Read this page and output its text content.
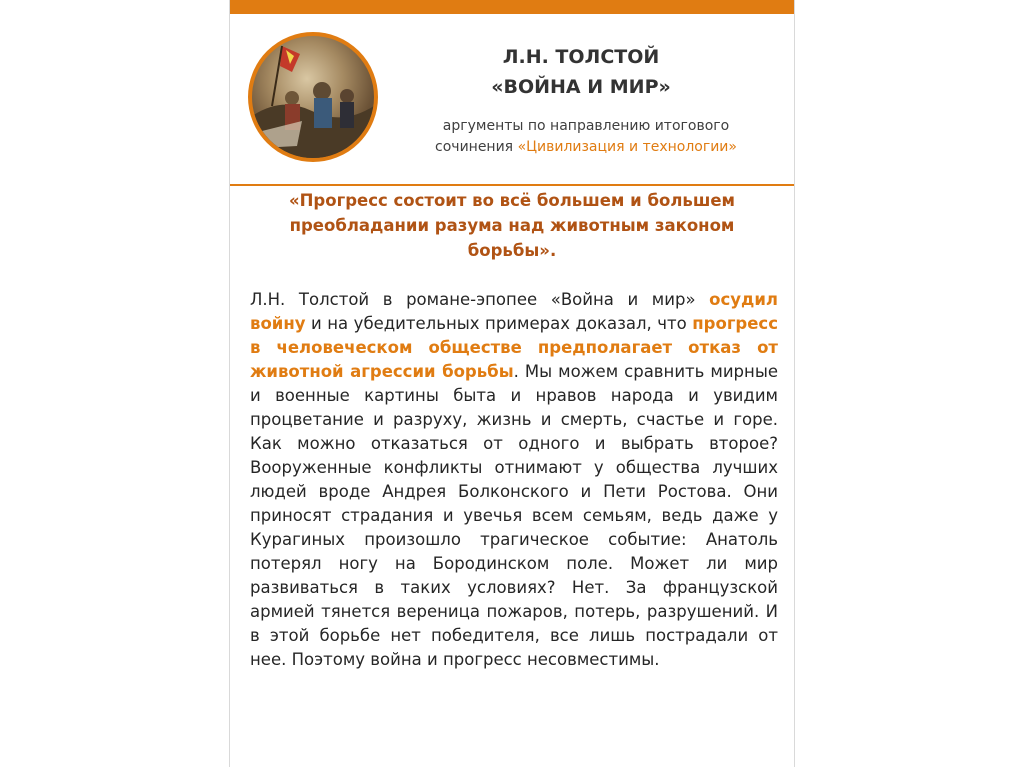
Л.Н. ТОЛСТОЙ
«ВОЙНА И МИР»
аргументы по направлению итогового
сочинения «Цивилизация и технологии»
«Прогресс состоит во всё большем и большем преобладании разума над животным законом борьбы».
Л.Н. Толстой в романе-эпопее «Война и мир» осудил войну и на убедительных примерах доказал, что прогресс в человеческом обществе предполагает отказ от животной агрессии борьбы. Мы можем сравнить мирные и военные картины быта и нравов народа и увидим процветание и разруху, жизнь и смерть, счастье и горе. Как можно отказаться от одного и выбрать второе? Вооруженные конфликты отнимают у общества лучших людей вроде Андрея Болконского и Пети Ростова. Они приносят страдания и увечья всем семьям, ведь даже у Курагиных произошло трагическое событие: Анатоль потерял ногу на Бородинском поле. Может ли мир развиваться в таких условиях? Нет. За французской армией тянется вереница пожаров, потерь, разрушений. И в этой борьбе нет победителя, все лишь пострадали от нее. Поэтому война и прогресс несовместимы.
